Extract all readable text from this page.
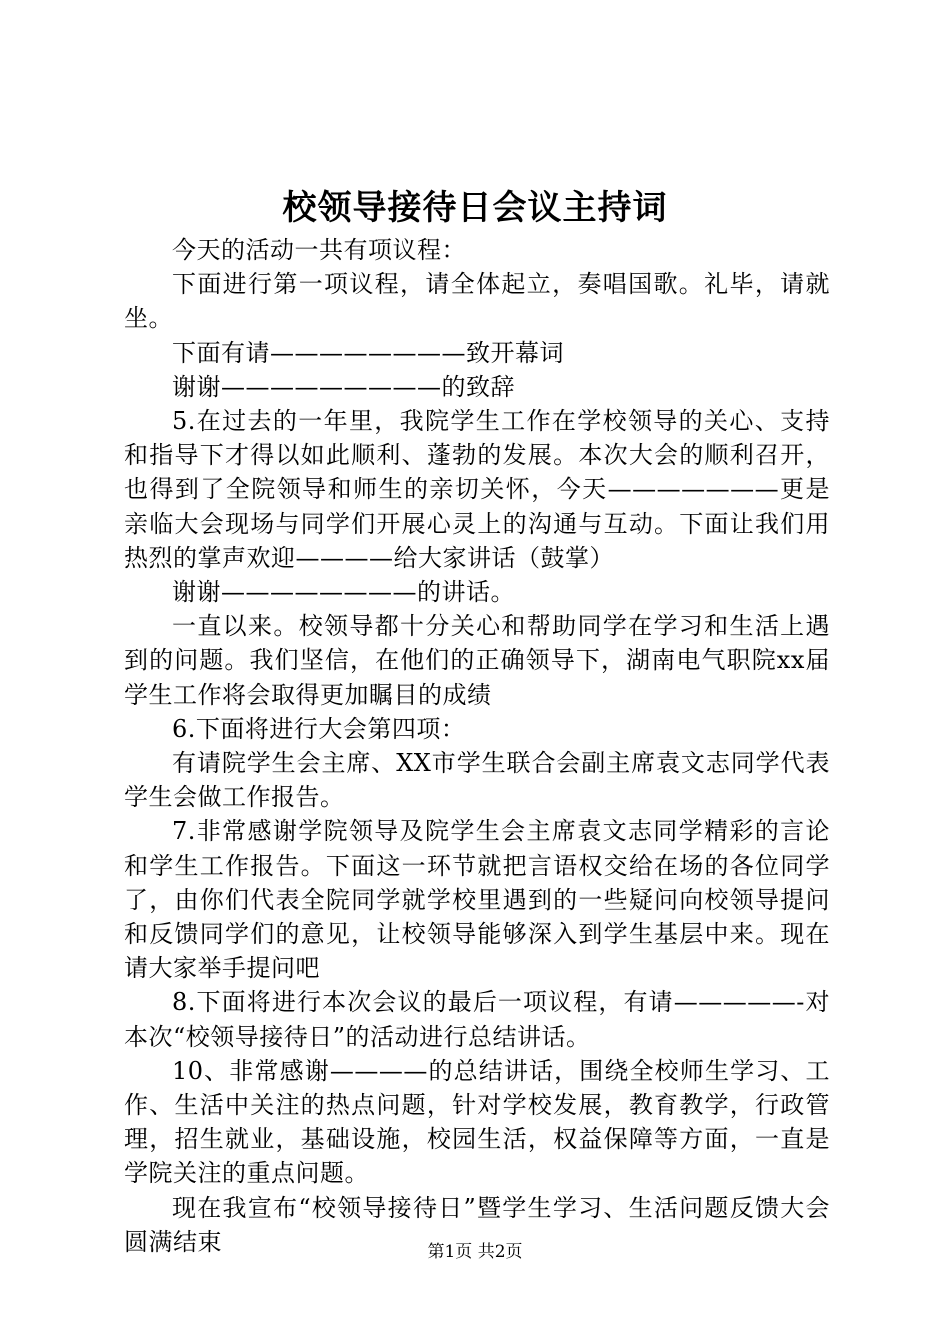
校领导接待日会议主持词

今天的活动一共有项议程：

下面进行第一项议程，请全体起立，奏唱国歌。礼毕，请就坐。

下面有请————————致开幕词

谢谢—————————的致辞

5.在过去的一年里，我院学生工作在学校领导的关心、支持和指导下才得以如此顺利、蓬勃的发展。本次大会的顺利召开，也得到了全院领导和师生的亲切关怀，今天———————更是亲临大会现场与同学们开展心灵上的沟通与互动。下面让我们用热烈的掌声欢迎————给大家讲话（鼓掌）

谢谢————————的讲话。

一直以来。校领导都十分关心和帮助同学在学习和生活上遇到的问题。我们坚信，在他们的正确领导下，湖南电气职院xx届学生工作将会取得更加瞩目的成绩

6.下面将进行大会第四项：

有请院学生会主席、XX市学生联合会副主席袁文志同学代表学生会做工作报告。

7.非常感谢学院领导及院学生会主席袁文志同学精彩的言论和学生工作报告。下面这一环节就把言语权交给在场的各位同学了，由你们代表全院同学就学校里遇到的一些疑问向校领导提问和反馈同学们的意见，让校领导能够深入到学生基层中来。现在请大家举手提问吧

8.下面将进行本次会议的最后一项议程，有请—————-对本次“校领导接待日”的活动进行总结讲话。

10、非常感谢————的总结讲话，围绕全校师生学习、工作、生活中关注的热点问题，针对学校发展，教育教学，行政管理，招生就业，基础设施，校园生活，权益保障等方面，一直是学院关注的重点问题。

现在我宣布“校领导接待日”暨学生学习、生活问题反馈大会圆满结束	第1页 共2页
